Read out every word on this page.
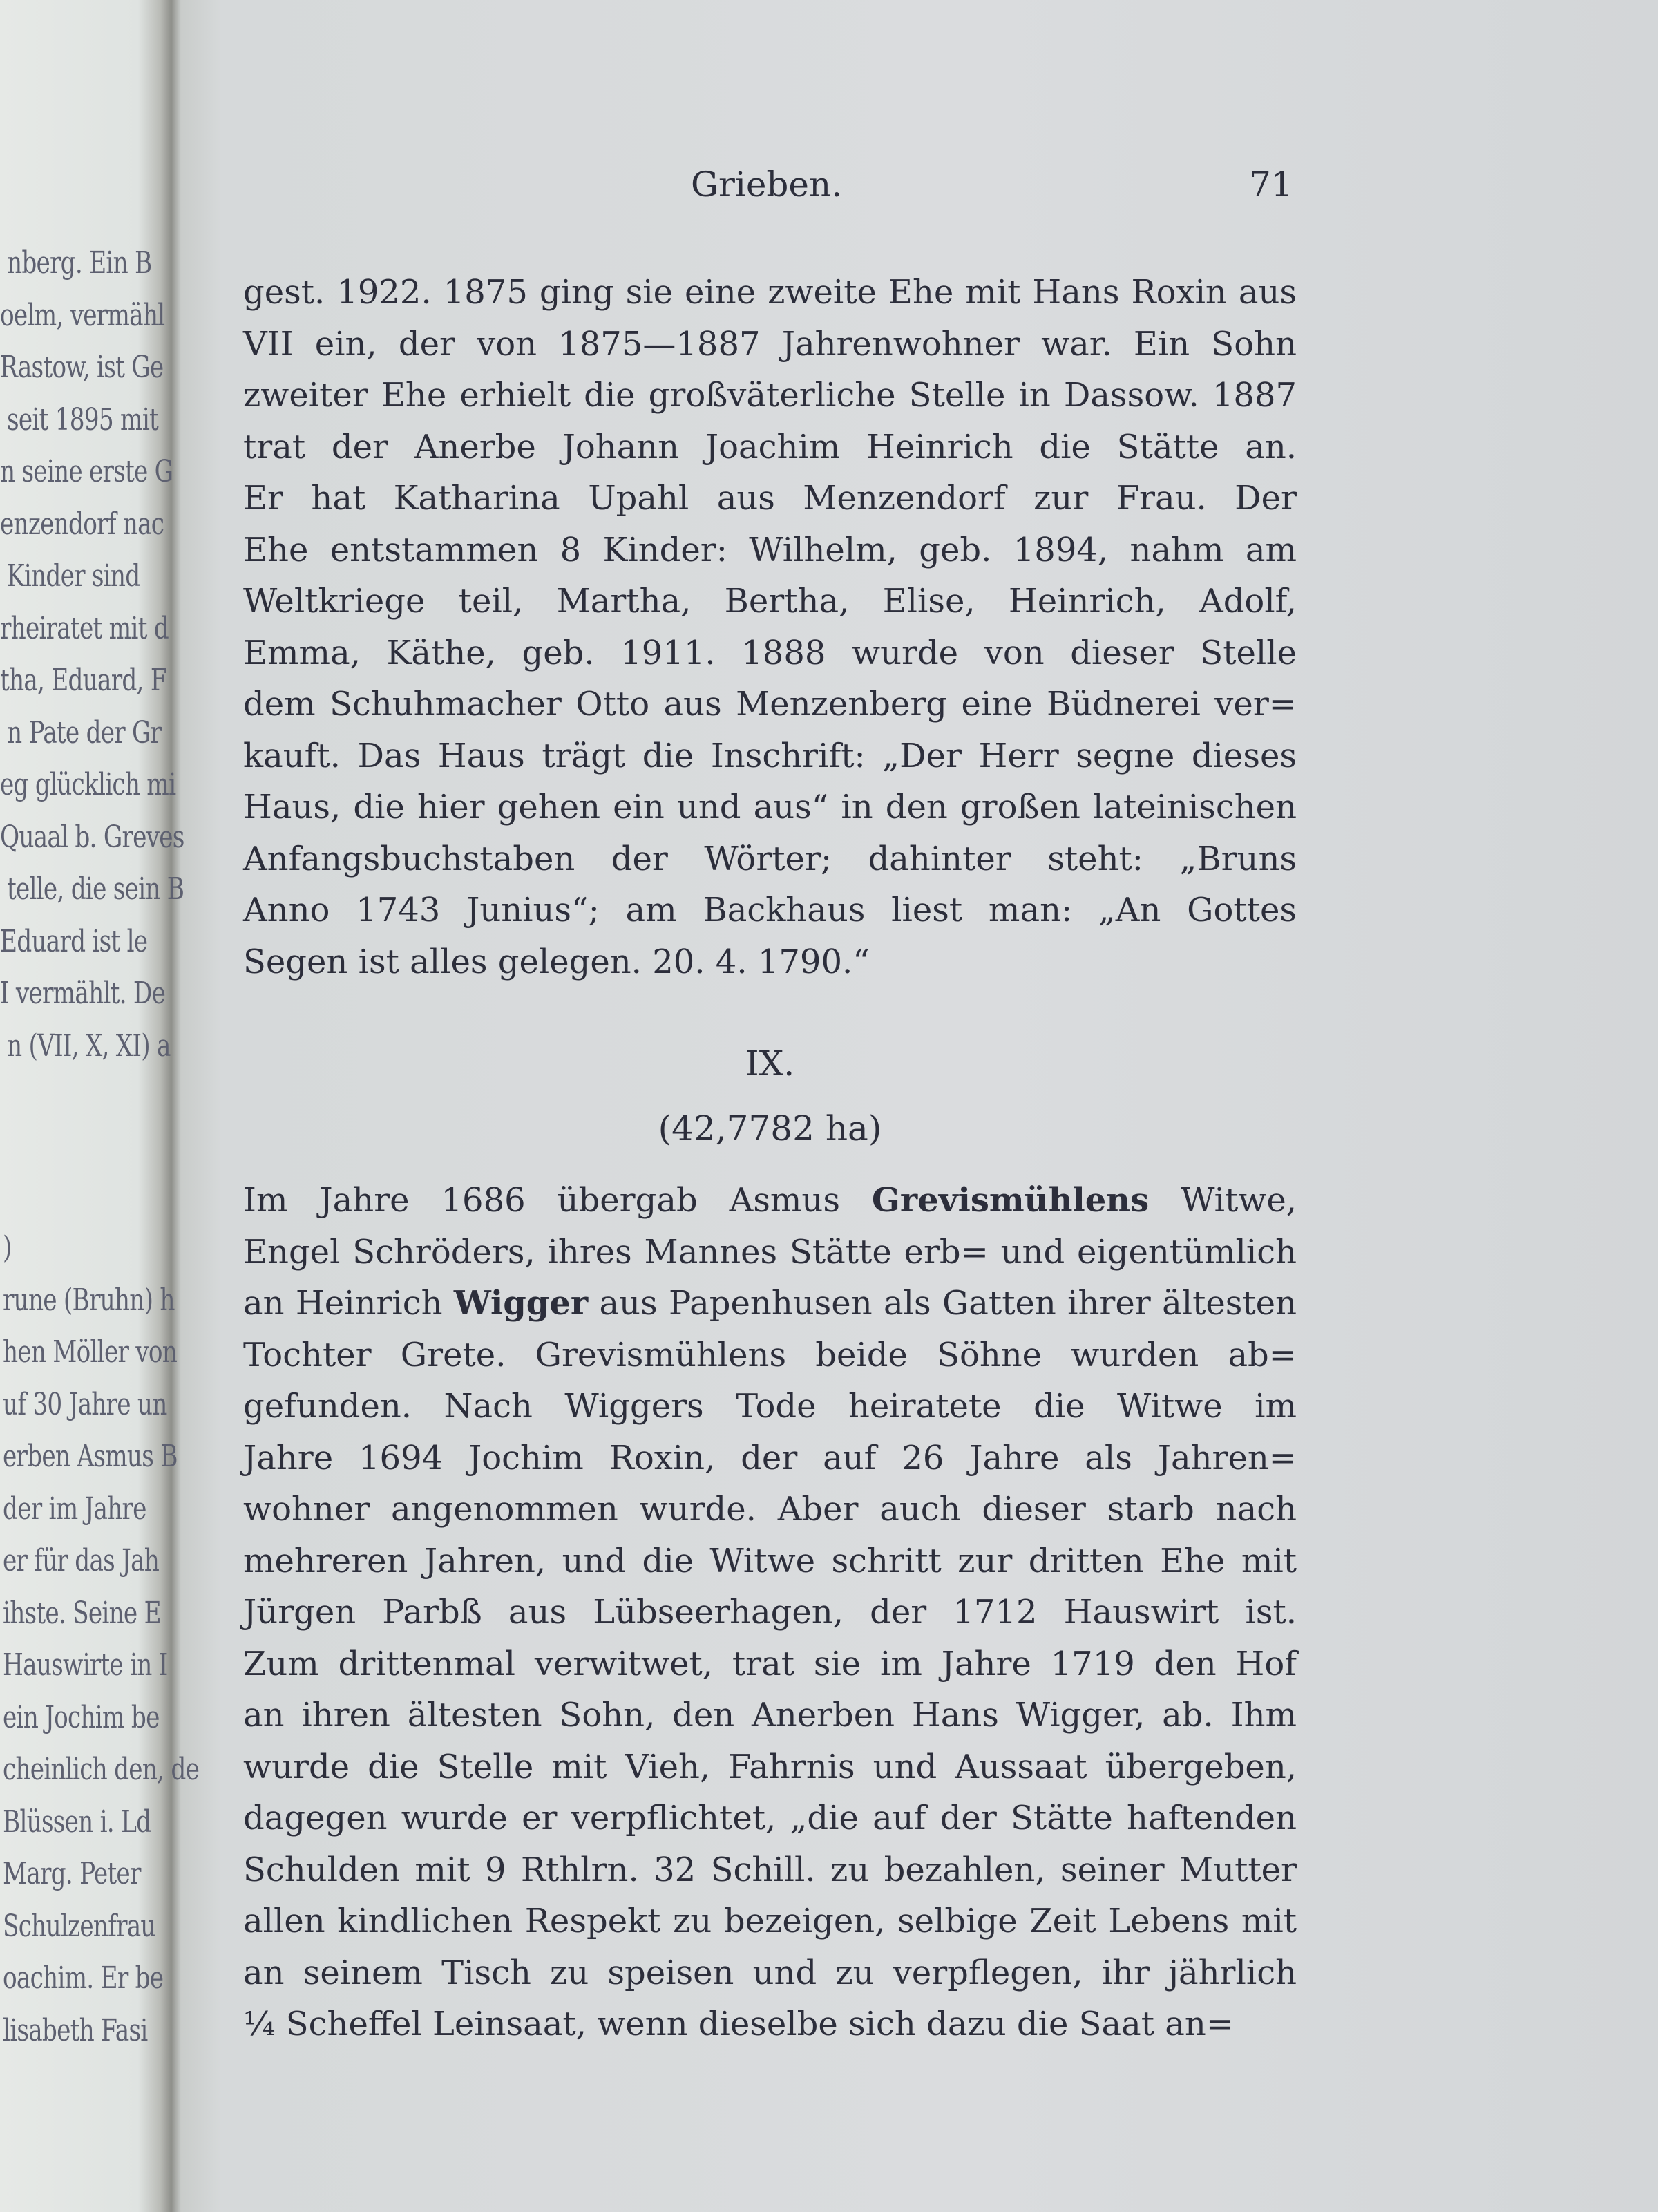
nberg. Ein B
oelm, vermähl
Rastow, ist Ge
seit 1895 mit
n seine erste G
enzendorf nac
Kinder sind
rheiratet mit d
tha, Eduard, F
n Pate der Gr
eg glücklich mi
Quaal b. Greves
telle, die sein B
Eduard ist le
I vermählt. De
n (VII, X, XI) a
)
rune (Bruhn) h
hen Möller von
uf 30 Jahre un
erben Asmus B
der im Jahre
er für das Jah
ihste. Seine E
Hauswirte in I
ein Jochim be
cheinlich den, de
Blüssen i. Ld
Marg. Peter
Schulzenfrau
oachim. Er be
lisabeth Fasi
Grieben.	71
gest. 1922. 1875 ging sie eine zweite Ehe mit Hans Roxin aus
VII ein, der von 1875—1887 Jahrenwohner war. Ein Sohn
zweiter Ehe erhielt die großväterliche Stelle in Dassow. 1887
trat der Anerbe Johann Joachim Heinrich die Stätte an.
Er hat Katharina Upahl aus Menzendorf zur Frau. Der
Ehe entstammen 8 Kinder: Wilhelm, geb. 1894, nahm am
Weltkriege teil, Martha, Bertha, Elise, Heinrich, Adolf,
Emma, Käthe, geb. 1911. 1888 wurde von dieser Stelle
dem Schuhmacher Otto aus Menzenberg eine Büdnerei ver=
kauft. Das Haus trägt die Inschrift: „Der Herr segne dieses
Haus, die hier gehen ein und aus“ in den großen lateinischen
Anfangsbuchstaben der Wörter; dahinter steht: „Bruns
Anno 1743 Junius“; am Backhaus liest man: „An Gottes
Segen ist alles gelegen. 20. 4. 1790.“
IX.
(42,7782 ha)
Im Jahre 1686 übergab Asmus Grevismühlens Witwe,
Engel Schröders, ihres Mannes Stätte erb= und eigentümlich
an Heinrich Wigger aus Papenhusen als Gatten ihrer ältesten
Tochter Grete. Grevismühlens beide Söhne wurden ab=
gefunden. Nach Wiggers Tode heiratete die Witwe im
Jahre 1694 Jochim Roxin, der auf 26 Jahre als Jahren=
wohner angenommen wurde. Aber auch dieser starb nach
mehreren Jahren, und die Witwe schritt zur dritten Ehe mit
Jürgen Parbß aus Lübseerhagen, der 1712 Hauswirt ist.
Zum drittenmal verwitwet, trat sie im Jahre 1719 den Hof
an ihren ältesten Sohn, den Anerben Hans Wigger, ab. Ihm
wurde die Stelle mit Vieh, Fahrnis und Aussaat übergeben,
dagegen wurde er verpflichtet, „die auf der Stätte haftenden
Schulden mit 9 Rthlrn. 32 Schill. zu bezahlen, seiner Mutter
allen kindlichen Respekt zu bezeigen, selbige Zeit Lebens mit
an seinem Tisch zu speisen und zu verpflegen, ihr jährlich
¼ Scheffel Leinsaat, wenn dieselbe sich dazu die Saat an=
